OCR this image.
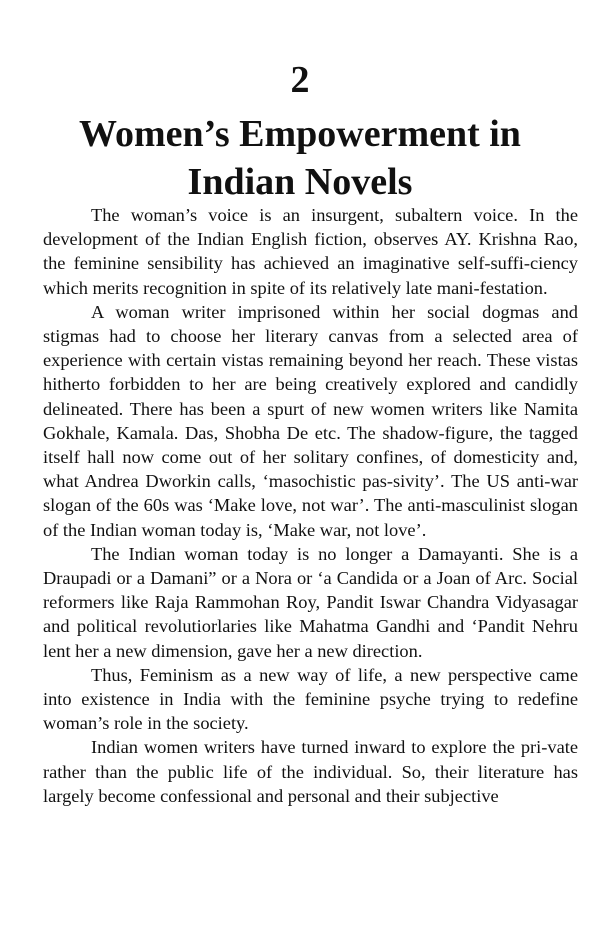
2
Women’s Empowerment in
Indian Novels

The woman’s voice is an insurgent, subaltern voice. In the development of the Indian English fiction, observes AY. Krishna Rao, the feminine sensibility has achieved an imaginative self-suffi-ciency which merits recognition in spite of its relatively late mani-festation.

A woman writer imprisoned within her social dogmas and stigmas had to choose her literary canvas from a selected area of experience with certain vistas remaining beyond her reach. These vistas hitherto forbidden to her are being creatively explored and candidly delineated. There has been a spurt of new women writers like Namita Gokhale, Kamala. Das, Shobha De etc. The shadow-figure, the tagged itself hall now come out of her solitary confines, of domesticity and, what Andrea Dworkin calls, ‘masochistic pas-sivity’. The US anti-war slogan of the 60s was ‘Make love, not war’. The anti-masculinist slogan of the Indian woman today is, ‘Make war, not love’.

The Indian woman today is no longer a Damayanti. She is a Draupadi or a Damani” or a Nora or ‘a Candida or a Joan of Arc. Social reformers like Raja Rammohan Roy, Pandit Iswar Chandra Vidyasagar and political revolutiorlaries like Mahatma Gandhi and ‘Pandit Nehru lent her a new dimension, gave her a new direction.

Thus, Feminism as a new way of life, a new perspective came into existence in India with the feminine psyche trying to redefine woman’s role in the society.

Indian women writers have turned inward to explore the pri-vate rather than the public life of the individual. So, their literature has largely become confessional and personal and their subjective
